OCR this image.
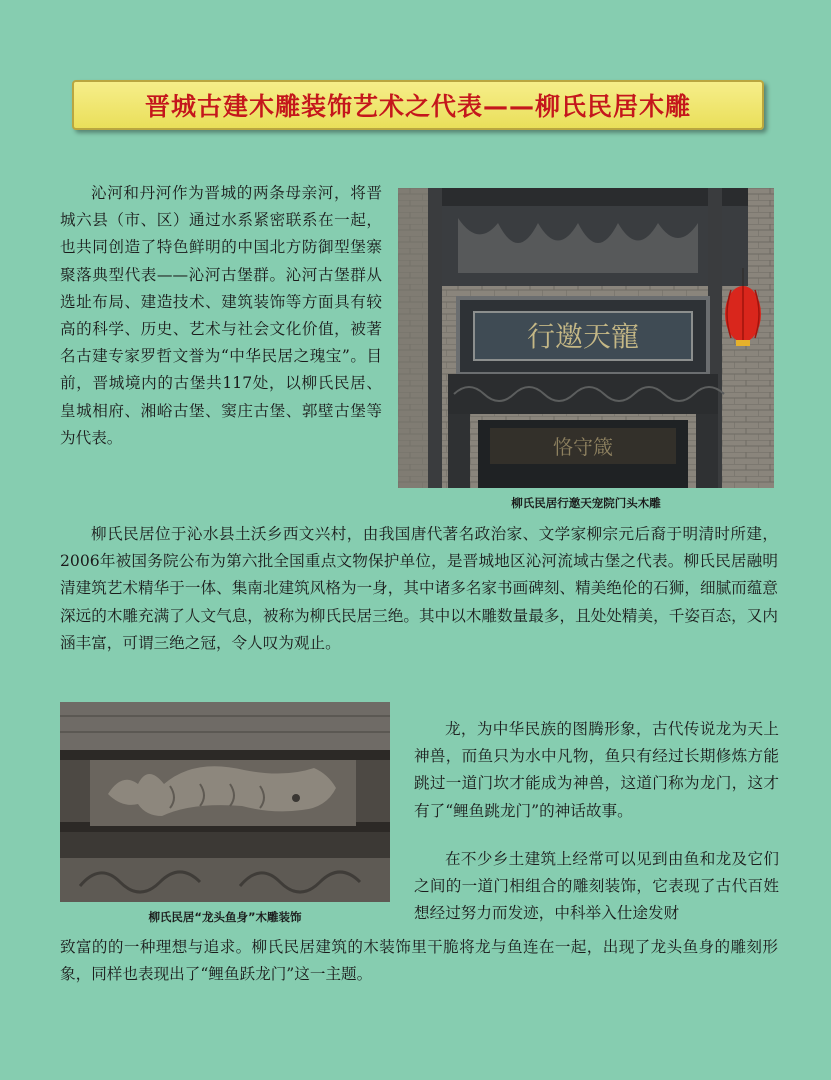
晋城古建木雕装饰艺术之代表——柳氏民居木雕

沁河和丹河作为晋城的两条母亲河，将晋城六县（市、区）通过水系紧密联系在一起，也共同创造了特色鲜明的中国北方防御型堡寨聚落典型代表——沁河古堡群。沁河古堡群从选址布局、建造技术、建筑装饰等方面具有较高的科学、历史、艺术与社会文化价值，被著名古建专家罗哲文誉为“中华民居之瑰宝”。目前，晋城境内的古堡共117处，以柳氏民居、皇城相府、湘峪古堡、窦庄古堡、郭壁古堡等为代表。

行邀天寵
恪守箴

柳氏民居行邀天宠院门头木雕

柳氏民居位于沁水县土沃乡西文兴村，由我国唐代著名政治家、文学家柳宗元后裔于明清时所建，2006年被国务院公布为第六批全国重点文物保护单位，是晋城地区沁河流域古堡之代表。柳氏民居融明清建筑艺术精华于一体、集南北建筑风格为一身，其中诸多名家书画碑刻、精美绝伦的石狮，细腻而蕴意深远的木雕充满了人文气息，被称为柳氏民居三绝。其中以木雕数量最多，且处处精美，千姿百态，又内涵丰富，可谓三绝之冠，令人叹为观止。

柳氏民居“龙头鱼身”木雕装饰

龙，为中华民族的图腾形象，古代传说龙为天上神兽，而鱼只为水中凡物，鱼只有经过长期修炼方能跳过一道门坎才能成为神兽，这道门称为龙门，这才有了“鲤鱼跳龙门”的神话故事。

在不少乡土建筑上经常可以见到由鱼和龙及它们之间的一道门相组合的雕刻装饰，它表现了古代百姓想经过努力而发迹，中科举入仕途发财

致富的的一种理想与追求。柳氏民居建筑的木装饰里干脆将龙与鱼连在一起，出现了龙头鱼身的雕刻形象，同样也表现出了“鲤鱼跃龙门”这一主题。
